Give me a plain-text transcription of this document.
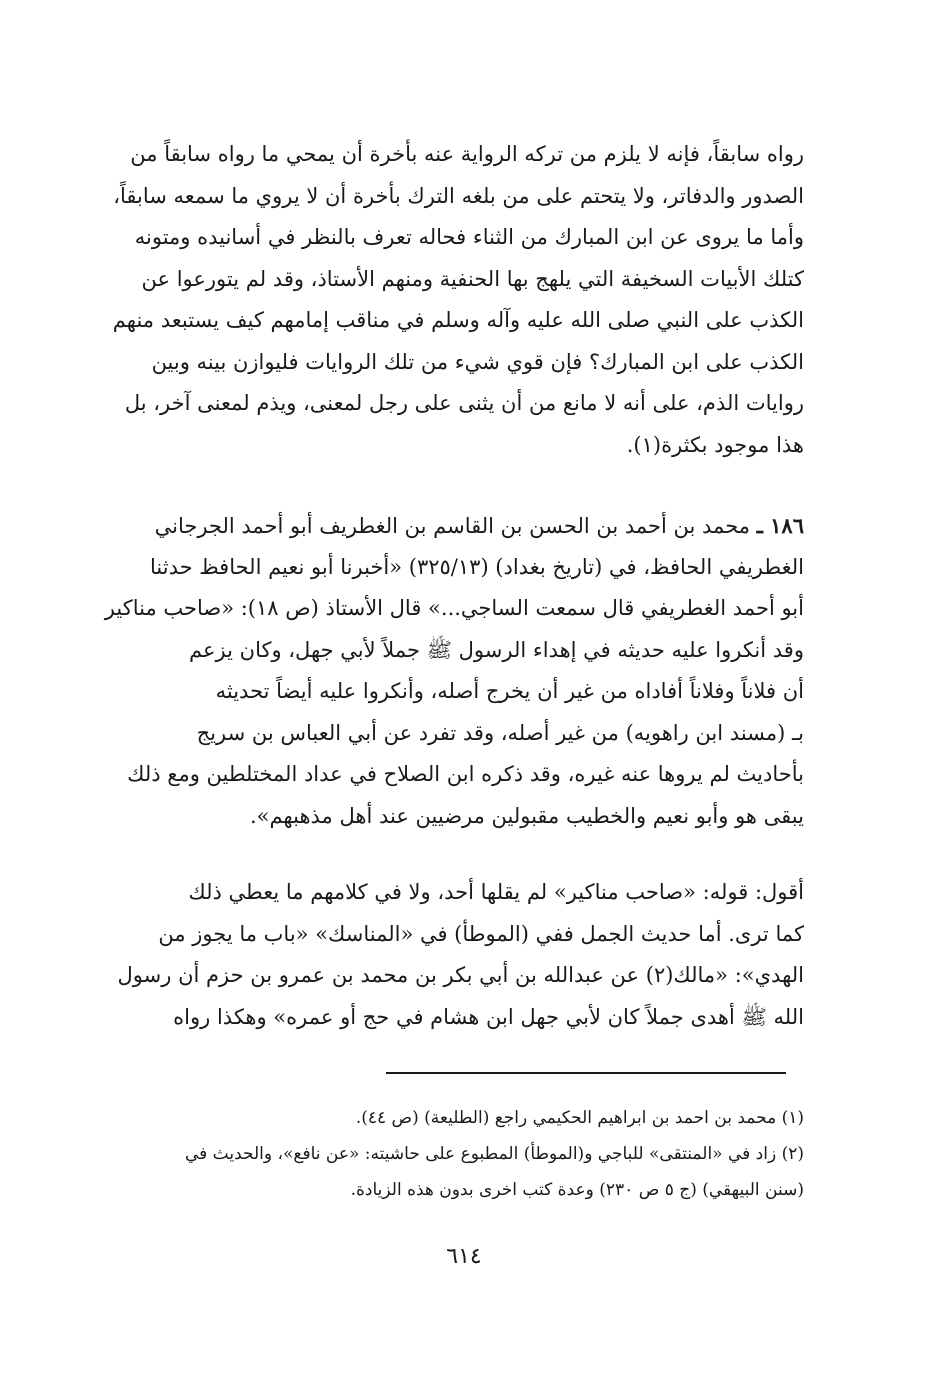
رواه سابقاً، فإنه لا يلزم من تركه الرواية عنه بأخرة أن يمحي ما رواه سابقاً من
الصدور والدفاتر، ولا يتحتم على من بلغه الترك بأخرة أن لا يروي ما سمعه سابقاً،
وأما ما يروى عن ابن المبارك من الثناء فحاله تعرف بالنظر في أسانيده ومتونه
كتلك الأبيات السخيفة التي يلهج بها الحنفية ومنهم الأستاذ، وقد لم يتورعوا عن
الكذب على النبي صلى الله عليه وآله وسلم في مناقب إمامهم كيف يستبعد منهم
الكذب على ابن المبارك؟ فإن قوي شيء من تلك الروايات فليوازن بينه وبين
روايات الذم، على أنه لا مانع من أن يثنى على رجل لمعنى، ويذم لمعنى آخر، بل
هذا موجود بكثرة(١).
١٨٦ ـ محمد بن أحمد بن الحسن بن القاسم بن الغطريف أبو أحمد الجرجاني
الغطريفي الحافظ، في (تاريخ بغداد) (٣٢٥/١٣) «أخبرنا أبو نعيم الحافظ حدثنا
أبو أحمد الغطريفي قال سمعت الساجي...» قال الأستاذ (ص ١٨): «صاحب مناكير
وقد أنكروا عليه حديثه في إهداء الرسول ﷺ جملاً لأبي جهل، وكان يزعم
أن فلاناً وفلاناً أفاداه من غير أن يخرج أصله، وأنكروا عليه أيضاً تحديثه
بـ (مسند ابن راهويه) من غير أصله، وقد تفرد عن أبي العباس بن سريج
بأحاديث لم يروها عنه غيره، وقد ذكره ابن الصلاح في عداد المختلطين ومع ذلك
يبقى هو وأبو نعيم والخطيب مقبولين مرضيين عند أهل مذهبهم».
أقول: قوله: «صاحب مناكير» لم يقلها أحد، ولا في كلامهم ما يعطي ذلك
كما ترى. أما حديث الجمل ففي (الموطأ) في «المناسك» «باب ما يجوز من
الهدي»: «مالك(٢) عن عبدالله بن أبي بكر بن محمد بن عمرو بن حزم أن رسول
الله ﷺ أهدى جملاً كان لأبي جهل ابن هشام في حج أو عمره» وهكذا رواه
(١) محمد بن احمد بن ابراهيم الحكيمي راجع (الطليعة) (ص ٤٤).
(٢) زاد في «المنتقى» للباجي و(الموطأ) المطبوع على حاشيته: «عن نافع»، والحديث في
(سنن البيهقي) (ج ٥ ص ٢٣٠) وعدة كتب اخرى بدون هذه الزيادة.
٦١٤
